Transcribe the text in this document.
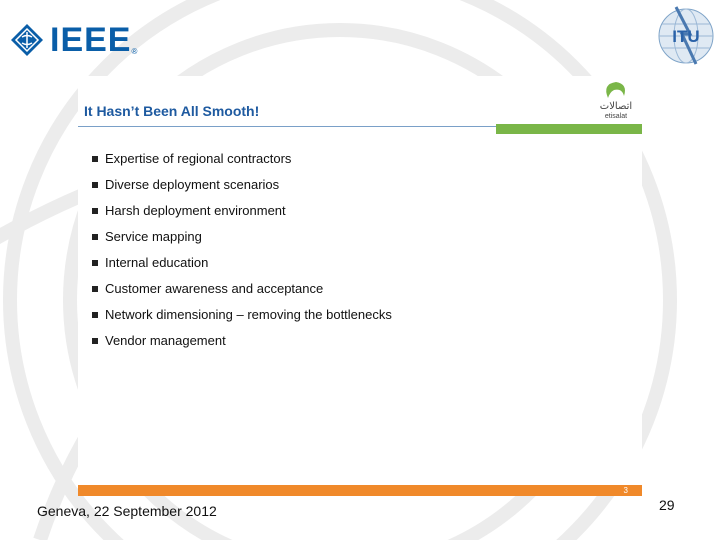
IEEE ®
ITU
It Hasn’t Been All Smooth!	اتصالات
etisalat
Expertise of regional contractors
Diverse deployment scenarios
Harsh deployment environment
Service mapping
Internal education
Customer awareness and acceptance
Network dimensioning – removing the bottlenecks
Vendor management
3
Geneva, 22 September 2012	29
